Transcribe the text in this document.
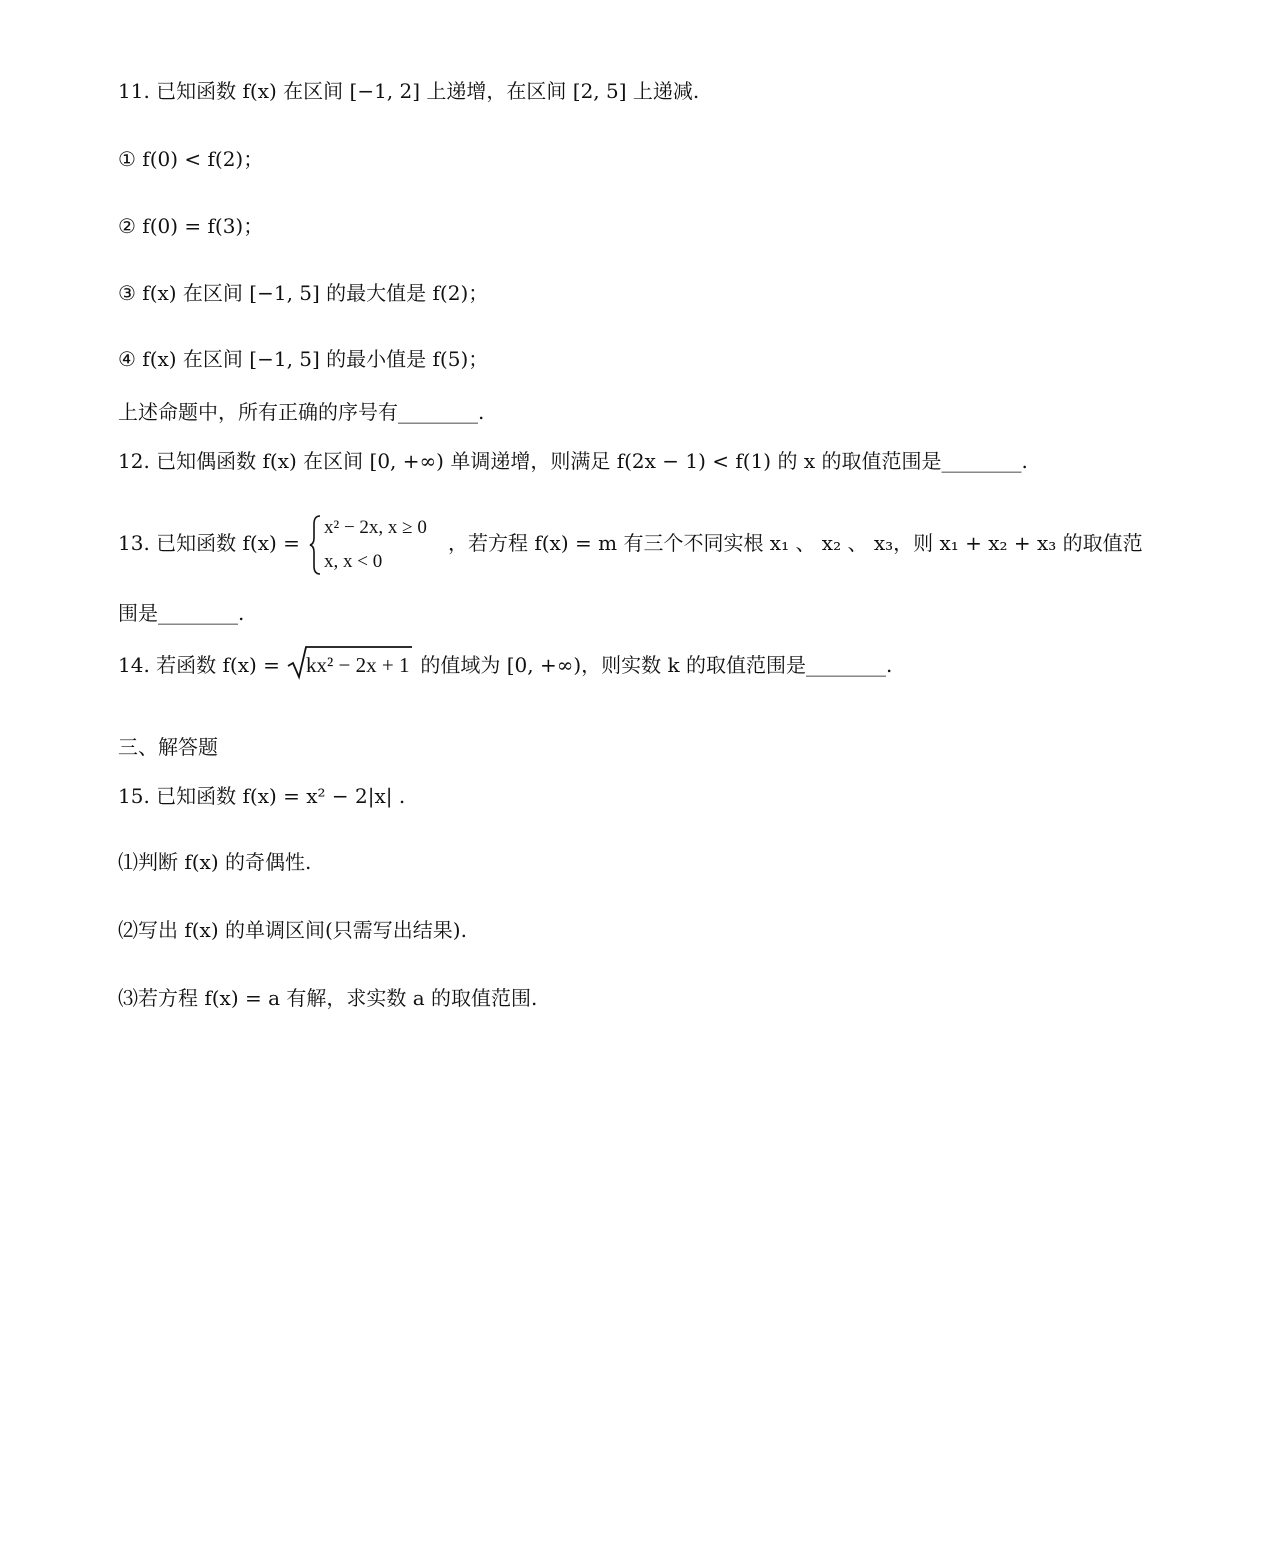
11. 已知函数 f(x) 在区间 [−1, 2] 上递增，在区间 [2, 5] 上递减.
① f(0) < f(2)；
② f(0) = f(3)；
③ f(x) 在区间 [−1, 5] 的最大值是 f(2)；
④ f(x) 在区间 [−1, 5] 的最小值是 f(5)；
上述命题中，所有正确的序号有________.
12. 已知偶函数 f(x) 在区间 [0, +∞) 单调递增，则满足 f(2x − 1) < f(1) 的 x 的取值范围是________.
13. 已知函数 f(x) =
x² − 2x, x ≥ 0
x, x < 0
，若方程 f(x) = m 有三个不同实根 x₁ 、 x₂ 、 x₃，则 x₁ + x₂ + x₃ 的取值范
围是________.
14. 若函数 f(x) =	kx² − 2x + 1 的值域为 [0, +∞)，则实数 k 的取值范围是________.
三、解答题
15. 已知函数 f(x) = x² − 2|x| .
⑴判断 f(x) 的奇偶性.
⑵写出 f(x) 的单调区间(只需写出结果).
⑶若方程 f(x) = a 有解，求实数 a 的取值范围.
